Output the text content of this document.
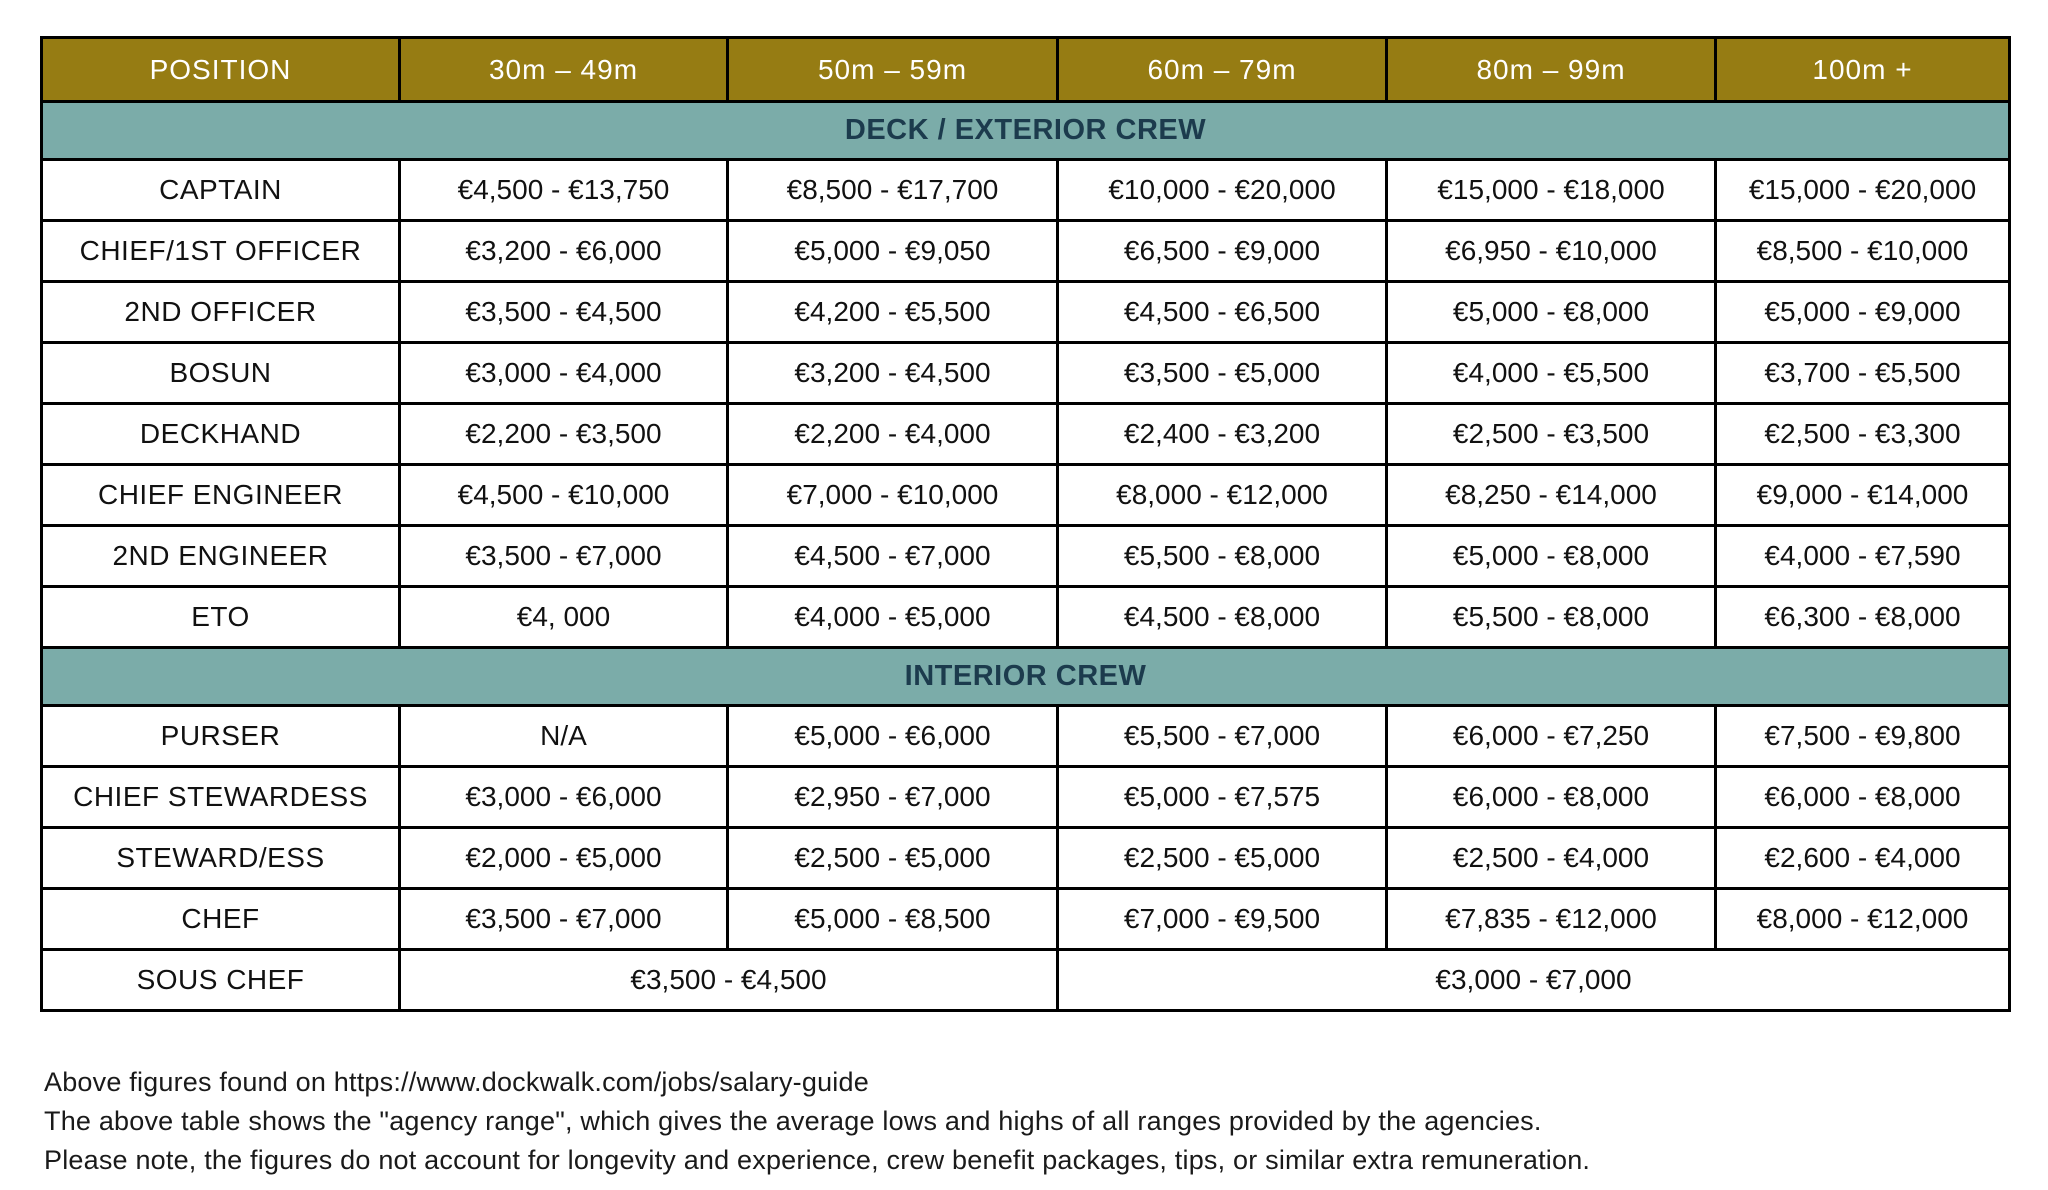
POSITION	30m – 49m	50m – 59m	60m – 79m	80m – 99m	100m +
DECK / EXTERIOR CREW					
CAPTAIN	€4,500 - €13,750	€8,500 - €17,700	€10,000 - €20,000	€15,000 - €18,000	€15,000 - €20,000
CHIEF/1ST OFFICER	€3,200 - €6,000	€5,000 - €9,050	€6,500 - €9,000	€6,950 - €10,000	€8,500 - €10,000
2ND OFFICER	€3,500 - €4,500	€4,200 - €5,500	€4,500 - €6,500	€5,000 - €8,000	€5,000 - €9,000
BOSUN	€3,000 - €4,000	€3,200 - €4,500	€3,500 - €5,000	€4,000 - €5,500	€3,700 - €5,500
DECKHAND	€2,200 - €3,500	€2,200 - €4,000	€2,400 - €3,200	€2,500 - €3,500	€2,500 - €3,300
CHIEF ENGINEER	€4,500 - €10,000	€7,000 - €10,000	€8,000 - €12,000	€8,250 - €14,000	€9,000 - €14,000
2ND ENGINEER	€3,500 - €7,000	€4,500 - €7,000	€5,500 - €8,000	€5,000 - €8,000	€4,000 - €7,590
ETO	€4, 000	€4,000 - €5,000	€4,500 - €8,000	€5,500 - €8,000	€6,300 - €8,000
INTERIOR CREW					
PURSER	N/A	€5,000 - €6,000	€5,500 - €7,000	€6,000 - €7,250	€7,500 - €9,800
CHIEF STEWARDESS	€3,000 - €6,000	€2,950 - €7,000	€5,000 - €7,575	€6,000 - €8,000	€6,000 - €8,000
STEWARD/ESS	€2,000 - €5,000	€2,500 - €5,000	€2,500 - €5,000	€2,500 - €4,000	€2,600 - €4,000
CHEF	€3,500 - €7,000	€5,000 - €8,500	€7,000 - €9,500	€7,835 - €12,000	€8,000 - €12,000
SOUS CHEF	€3,500 - €4,500		€3,000 - €7,000		

Above figures found on https://www.dockwalk.com/jobs/salary-guide

The above table shows the "agency range", which gives the average lows and highs of all ranges provided by the agencies.

Please note, the figures do not account for longevity and experience, crew benefit packages, tips, or similar extra remuneration.
